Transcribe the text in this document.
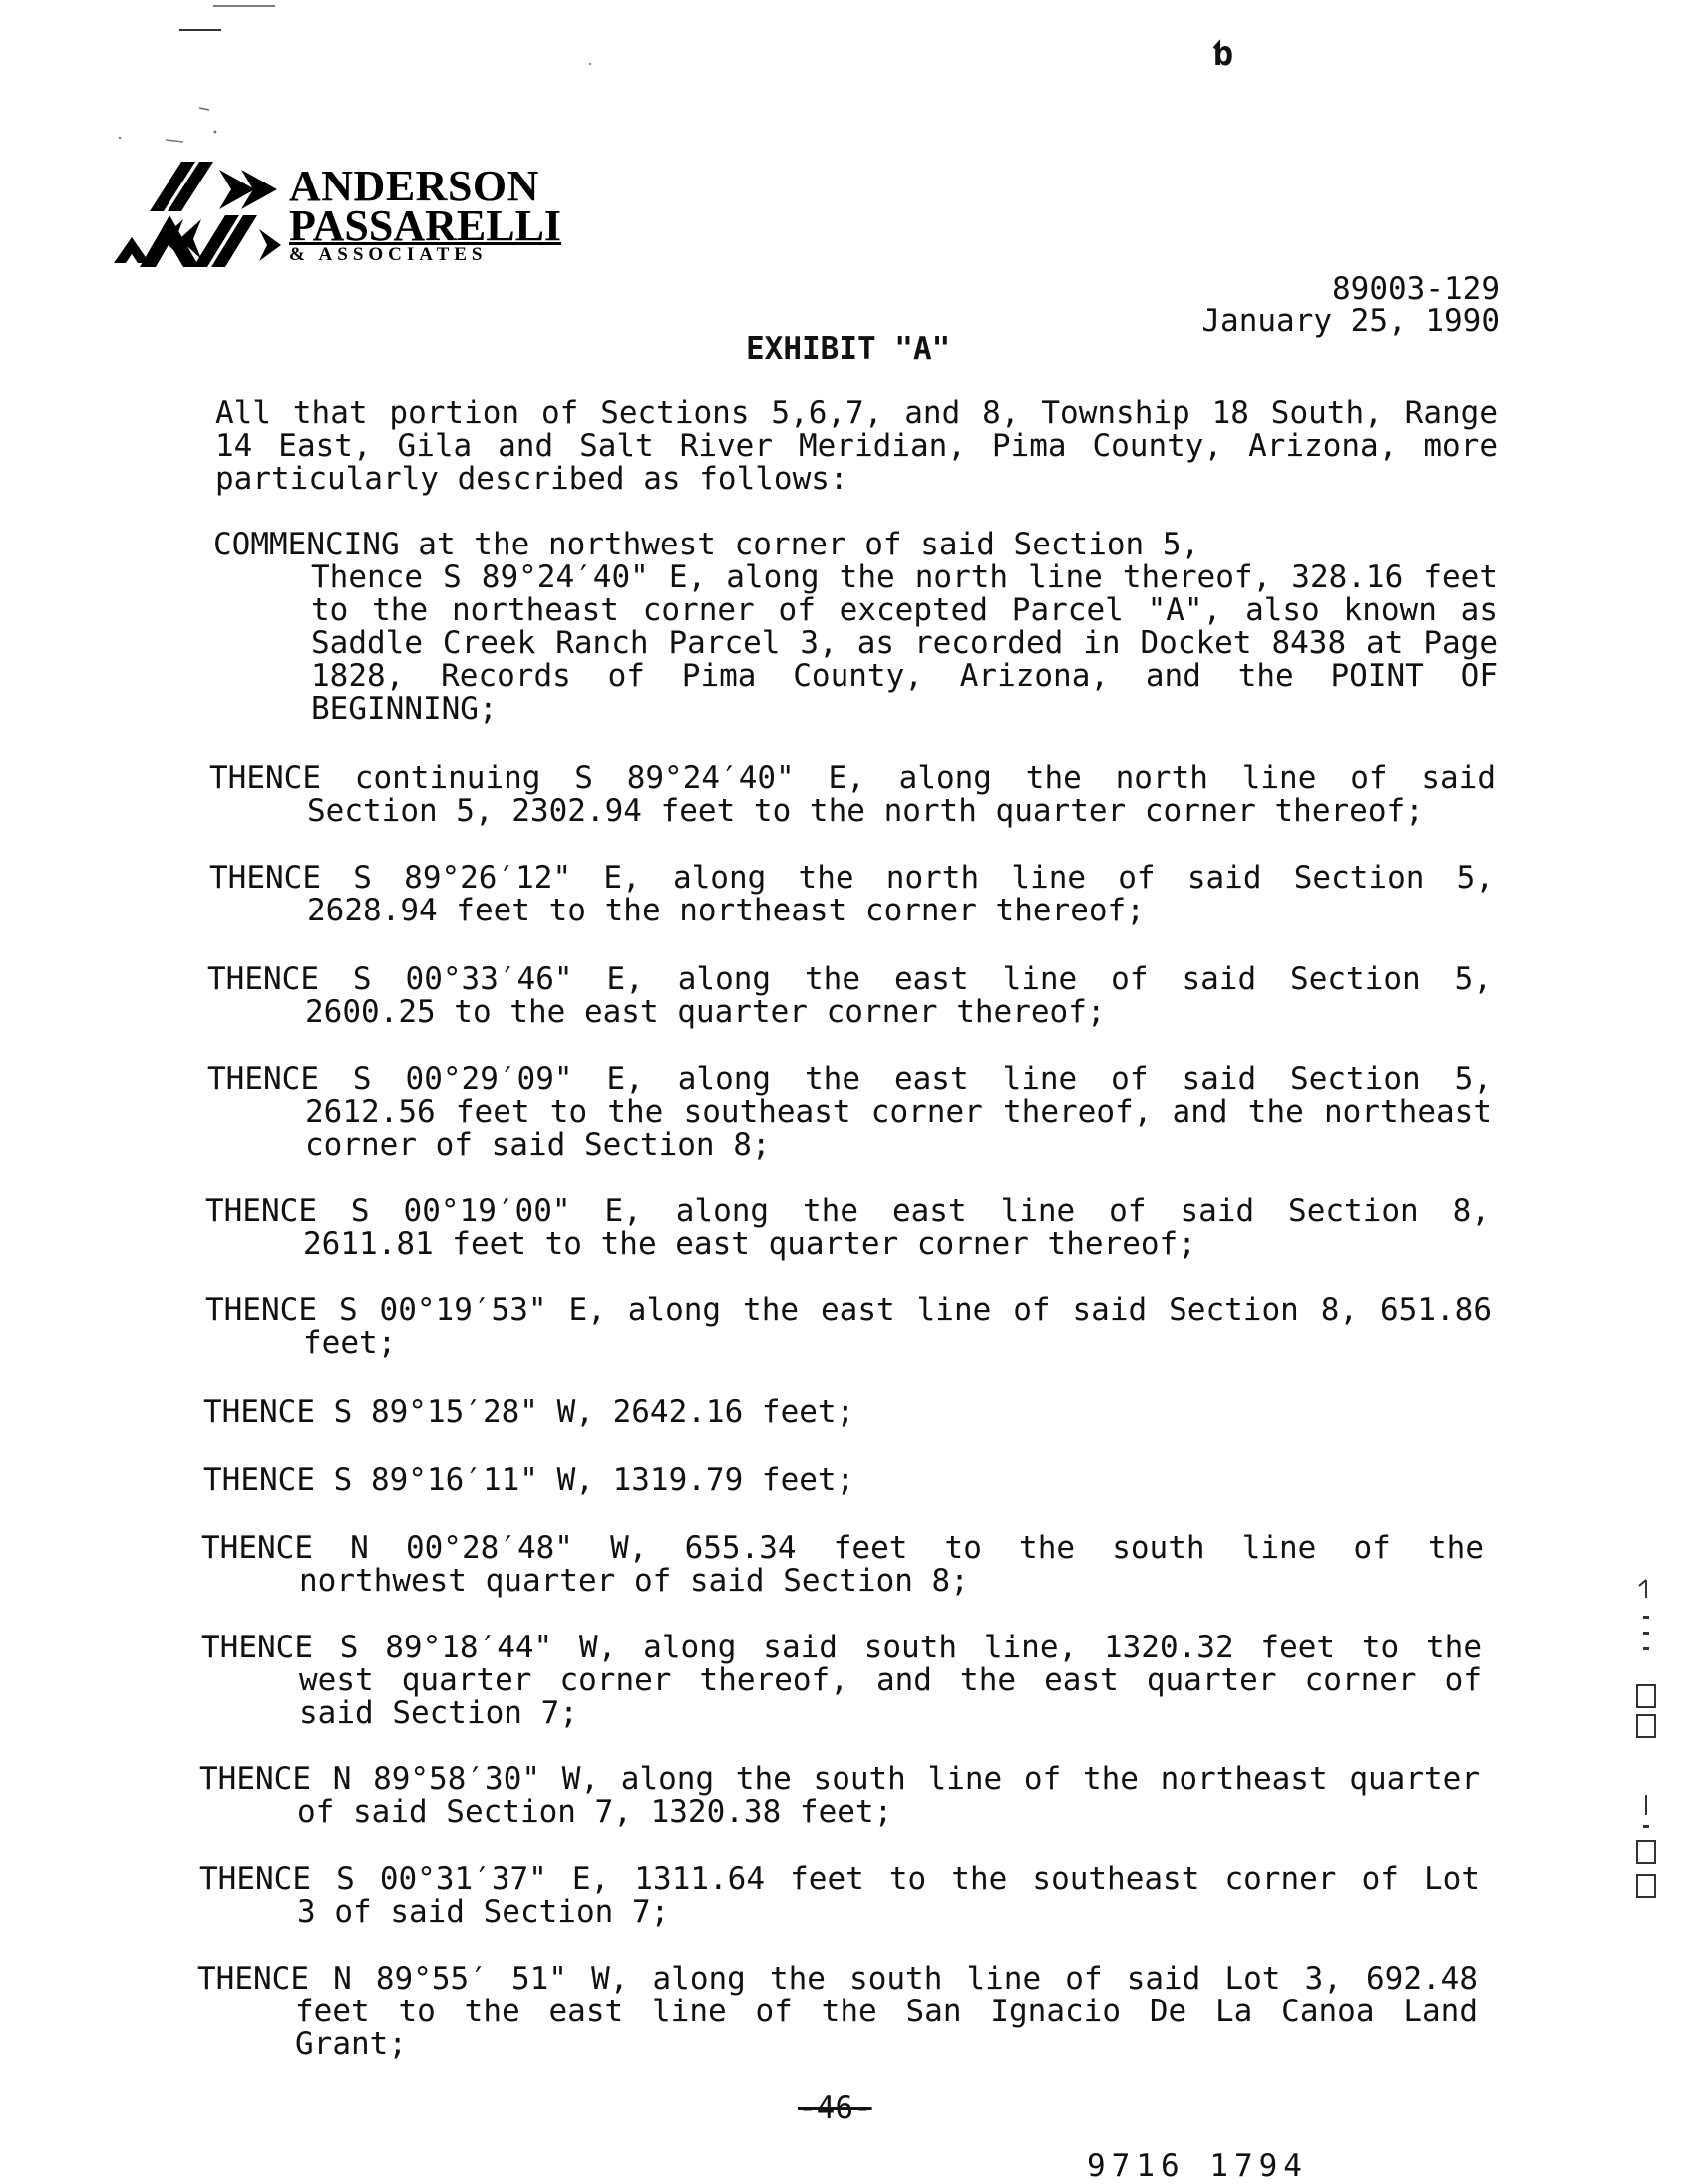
ƅ
ANDERSON
PASSARELLI
& ASSOCIATES
89003-129
January 25, 1990
EXHIBIT "A"
All that portion of Sections 5,6,7, and 8, Township 18 South, Range 14 East, Gila and Salt River Meridian, Pima County, Arizona, more particularly described as follows:
COMMENCING at the northwest corner of said Section 5,
Thence S 89°24′40" E, along the north line thereof, 328.16 feet to the northeast corner of excepted Parcel "A", also known as Saddle Creek Ranch Parcel 3, as recorded in Docket 8438 at Page 1828, Records of Pima County, Arizona, and the POINT OF BEGINNING;
THENCE continuing S 89°24′40" E, along the north line of said
Section 5, 2302.94 feet to the north quarter corner thereof;
THENCE S 89°26′12" E, along the north line of said Section 5,
2628.94 feet to the northeast corner thereof;
THENCE S 00°33′46" E, along the east line of said Section 5,
2600.25 to the east quarter corner thereof;
THENCE S 00°29′09" E, along the east line of said Section 5,
2612.56 feet to the southeast corner thereof, and the northeast corner of said Section 8;
THENCE S 00°19′00" E, along the east line of said Section 8,
2611.81 feet to the east quarter corner thereof;
THENCE S 00°19′53" E, along the east line of said Section 8, 651.86
feet;
THENCE S 89°15′28" W, 2642.16 feet;
THENCE S 89°16′11" W, 1319.79 feet;
THENCE N 00°28′48" W, 655.34 feet to the south line of the
northwest quarter of said Section 8;
THENCE S 89°18′44" W, along said south line, 1320.32 feet to the
west quarter corner thereof, and the east quarter corner of said Section 7;
THENCE N 89°58′30" W, along the south line of the northeast quarter
of said Section 7, 1320.38 feet;
THENCE S 00°31′37" E, 1311.64 feet to the southeast corner of Lot
3 of said Section 7;
THENCE N 89°55′ 51" W, along the south line of said Lot 3, 692.48
feet to the east line of the San Ignacio De La Canoa Land Grant;
-46-
9716 1794
